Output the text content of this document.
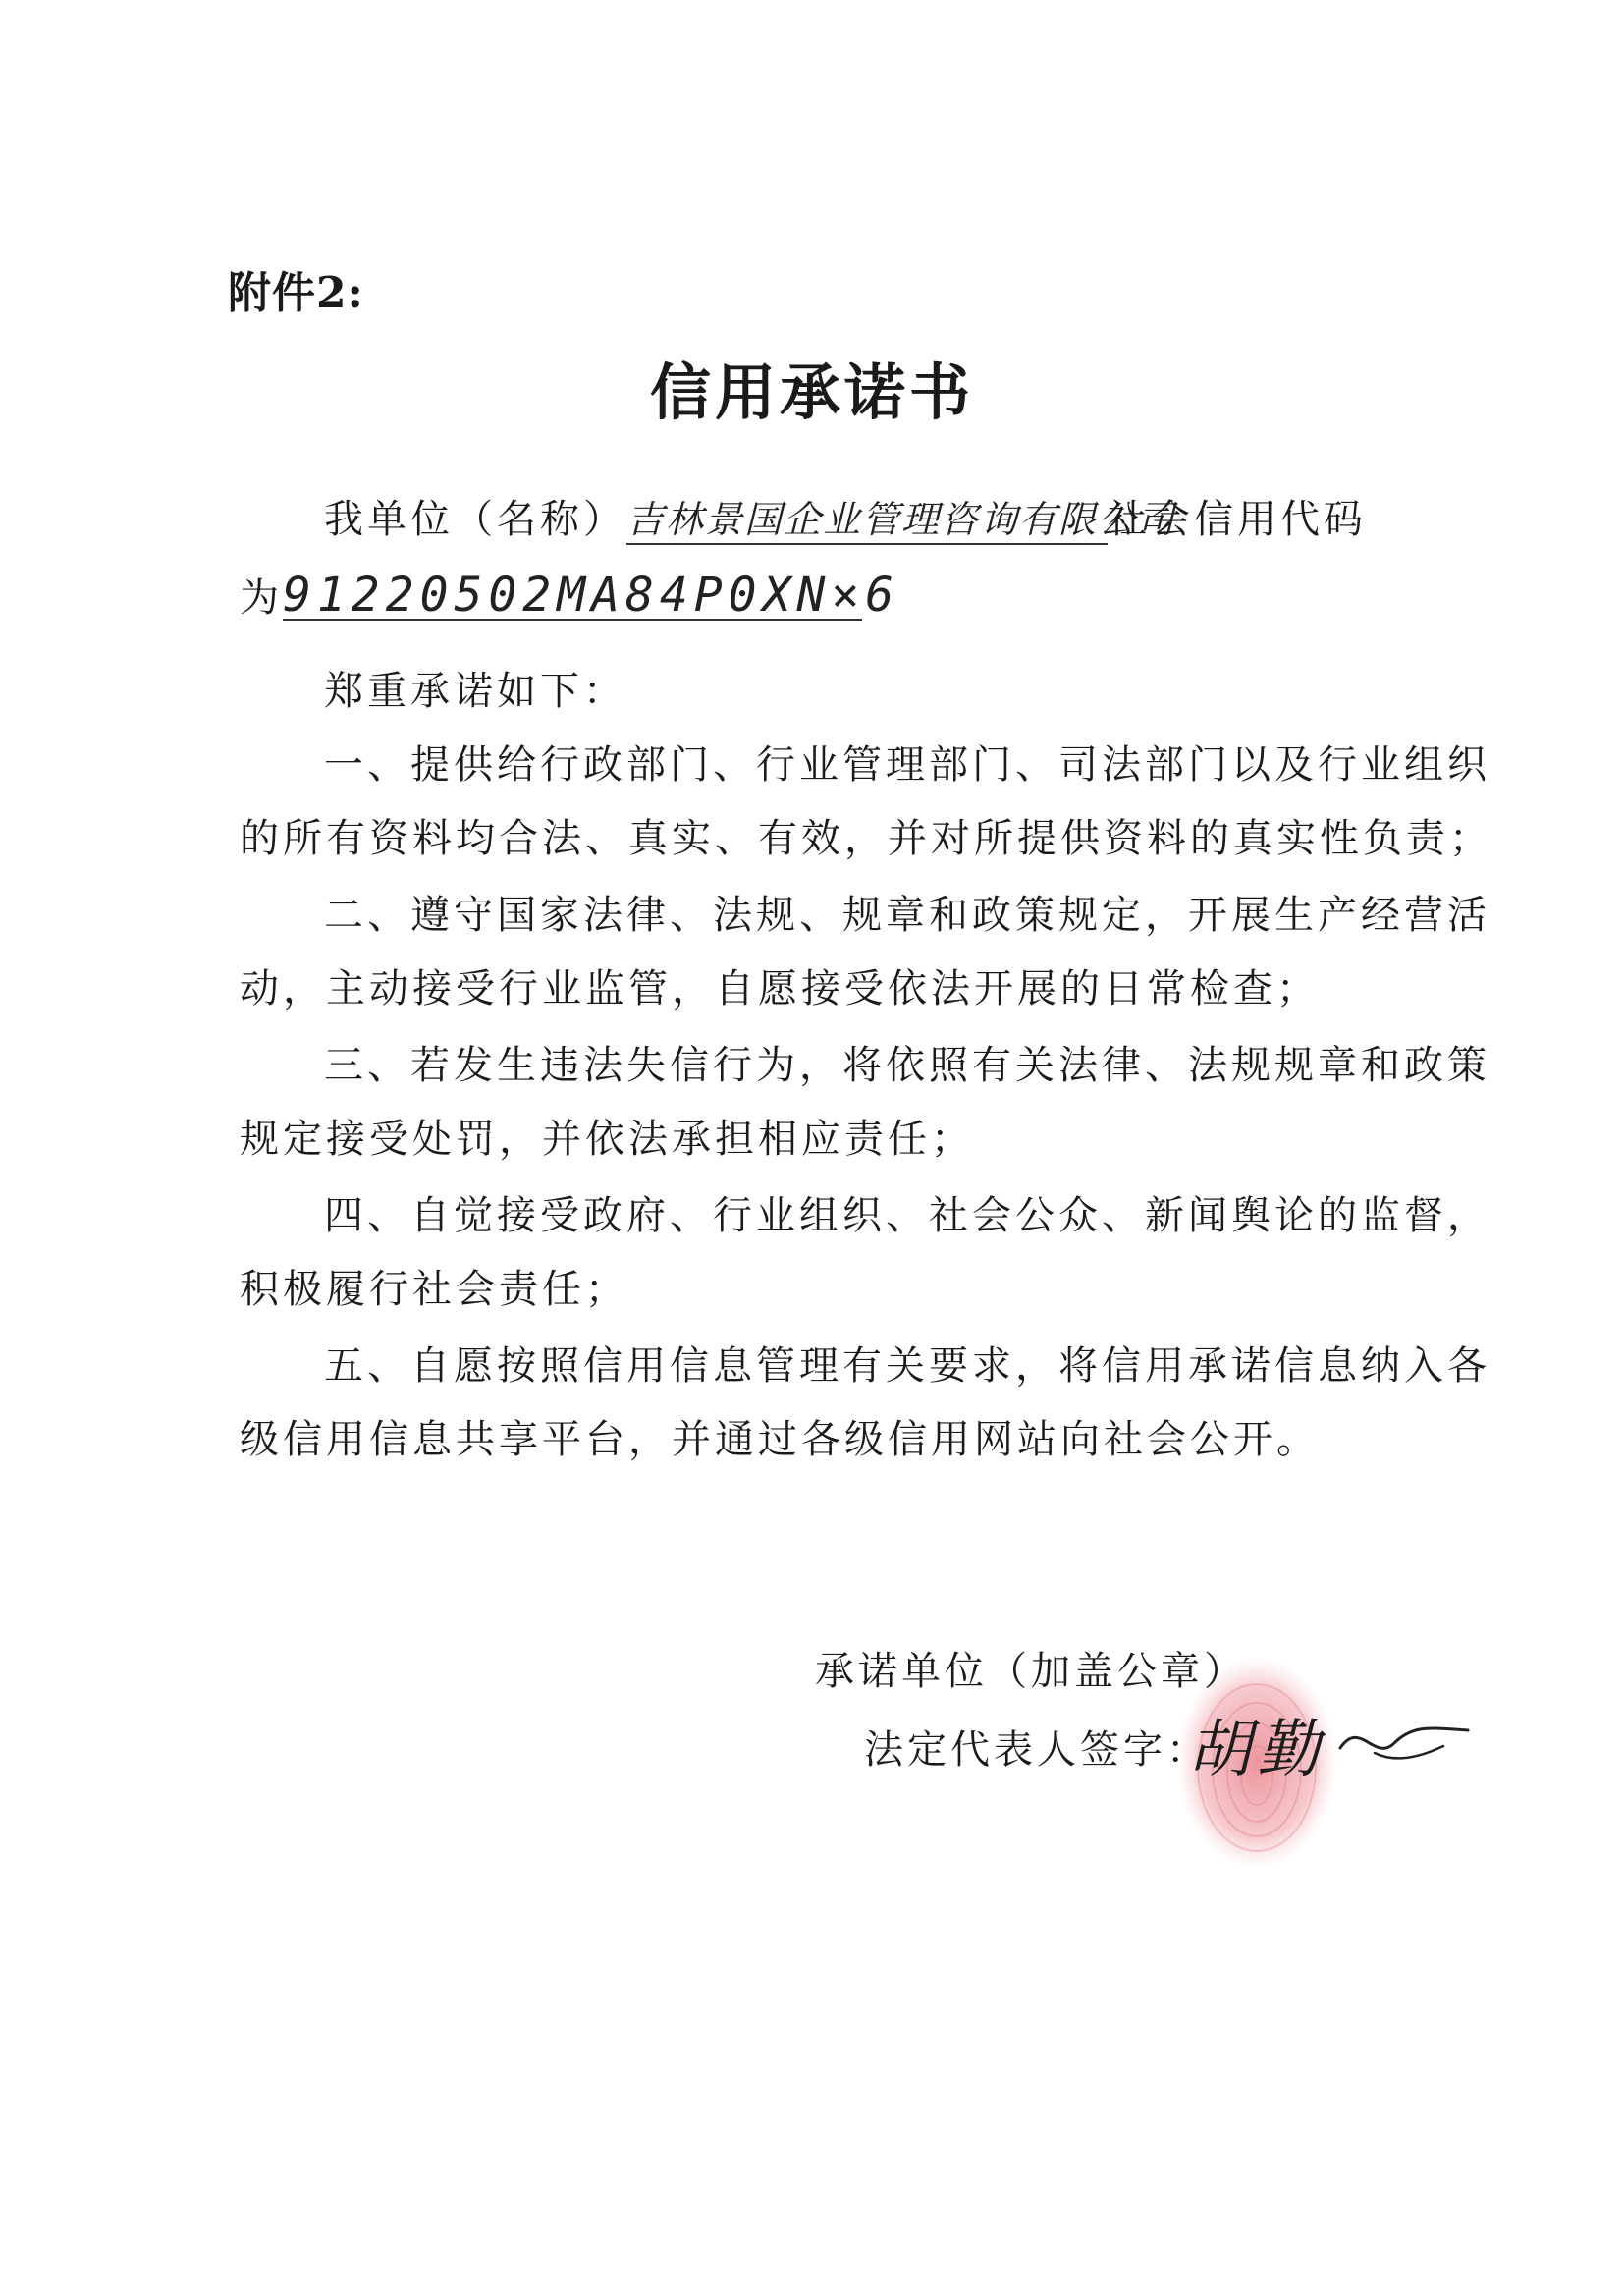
附件2:
信用承诺书
我单位（名称）吉林景国企业管理咨询有限公司社会信用代码
为91220502MA84P0XN×6
郑重承诺如下：
一、提供给行政部门、行业管理部门、司法部门以及行业组织
的所有资料均合法、真实、有效，并对所提供资料的真实性负责；
二、遵守国家法律、法规、规章和政策规定，开展生产经营活
动，主动接受行业监管，自愿接受依法开展的日常检查；
三、若发生违法失信行为，将依照有关法律、法规规章和政策
规定接受处罚，并依法承担相应责任；
四、自觉接受政府、行业组织、社会公众、新闻舆论的监督，
积极履行社会责任；
五、自愿按照信用信息管理有关要求，将信用承诺信息纳入各
级信用信息共享平台，并通过各级信用网站向社会公开。
承诺单位（加盖公章）
法定代表人签字：
胡勤
